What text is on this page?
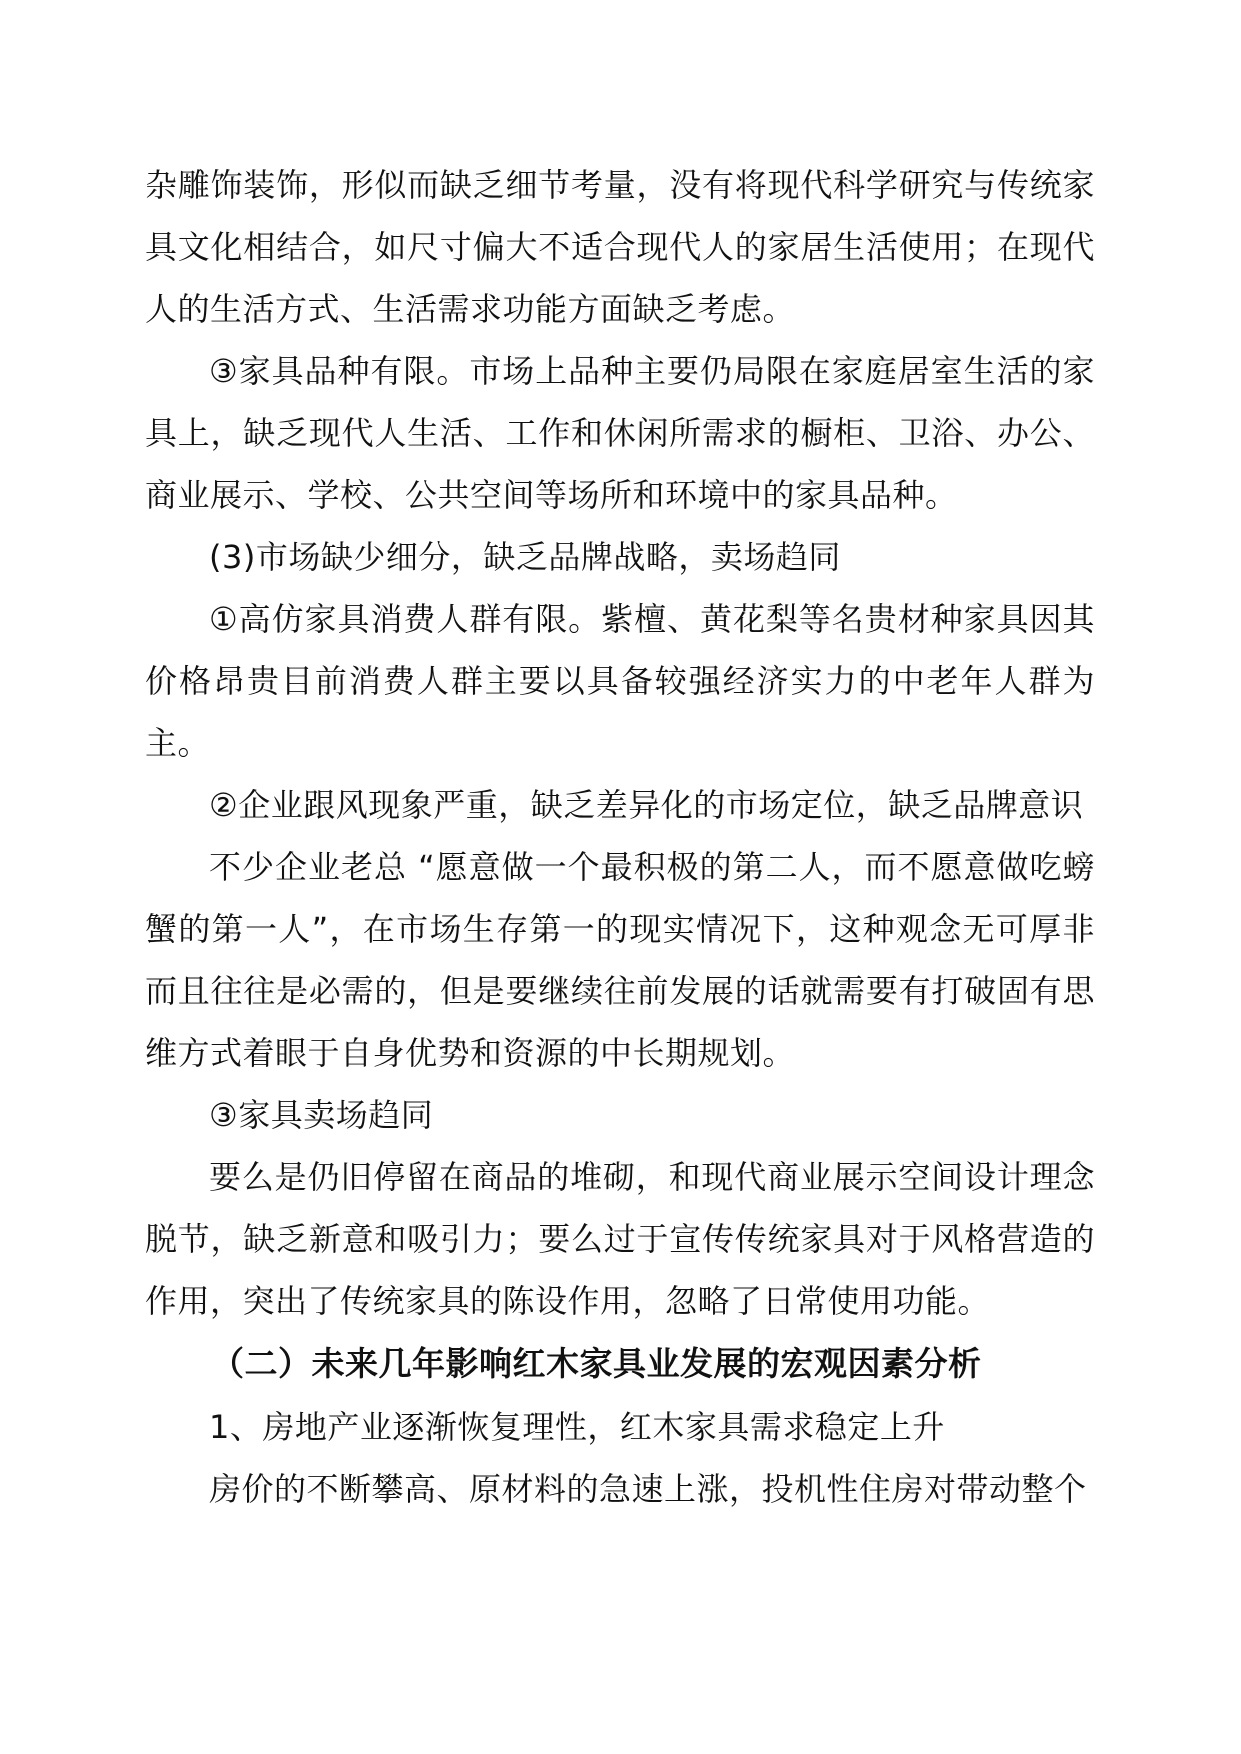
杂雕饰装饰，形似而缺乏细节考量，没有将现代科学研究与传统家具文化相结合，如尺寸偏大不适合现代人的家居生活使用；在现代人的生活方式、生活需求功能方面缺乏考虑。

③家具品种有限。市场上品种主要仍局限在家庭居室生活的家具上，缺乏现代人生活、工作和休闲所需求的橱柜、卫浴、办公、商业展示、学校、公共空间等场所和环境中的家具品种。

(3)市场缺少细分，缺乏品牌战略，卖场趋同

①高仿家具消费人群有限。紫檀、黄花梨等名贵材种家具因其价格昂贵目前消费人群主要以具备较强经济实力的中老年人群为主。

②企业跟风现象严重，缺乏差异化的市场定位，缺乏品牌意识

不少企业老总 “愿意做一个最积极的第二人，而不愿意做吃螃蟹的第一人”，在市场生存第一的现实情况下，这种观念无可厚非而且往往是必需的，但是要继续往前发展的话就需要有打破固有思维方式着眼于自身优势和资源的中长期规划。

③家具卖场趋同

要么是仍旧停留在商品的堆砌，和现代商业展示空间设计理念脱节，缺乏新意和吸引力；要么过于宣传传统家具对于风格营造的作用，突出了传统家具的陈设作用，忽略了日常使用功能。

（二）未来几年影响红木家具业发展的宏观因素分析

1、房地产业逐渐恢复理性，红木家具需求稳定上升

房价的不断攀高、原材料的急速上涨，投机性住房对带动整个
